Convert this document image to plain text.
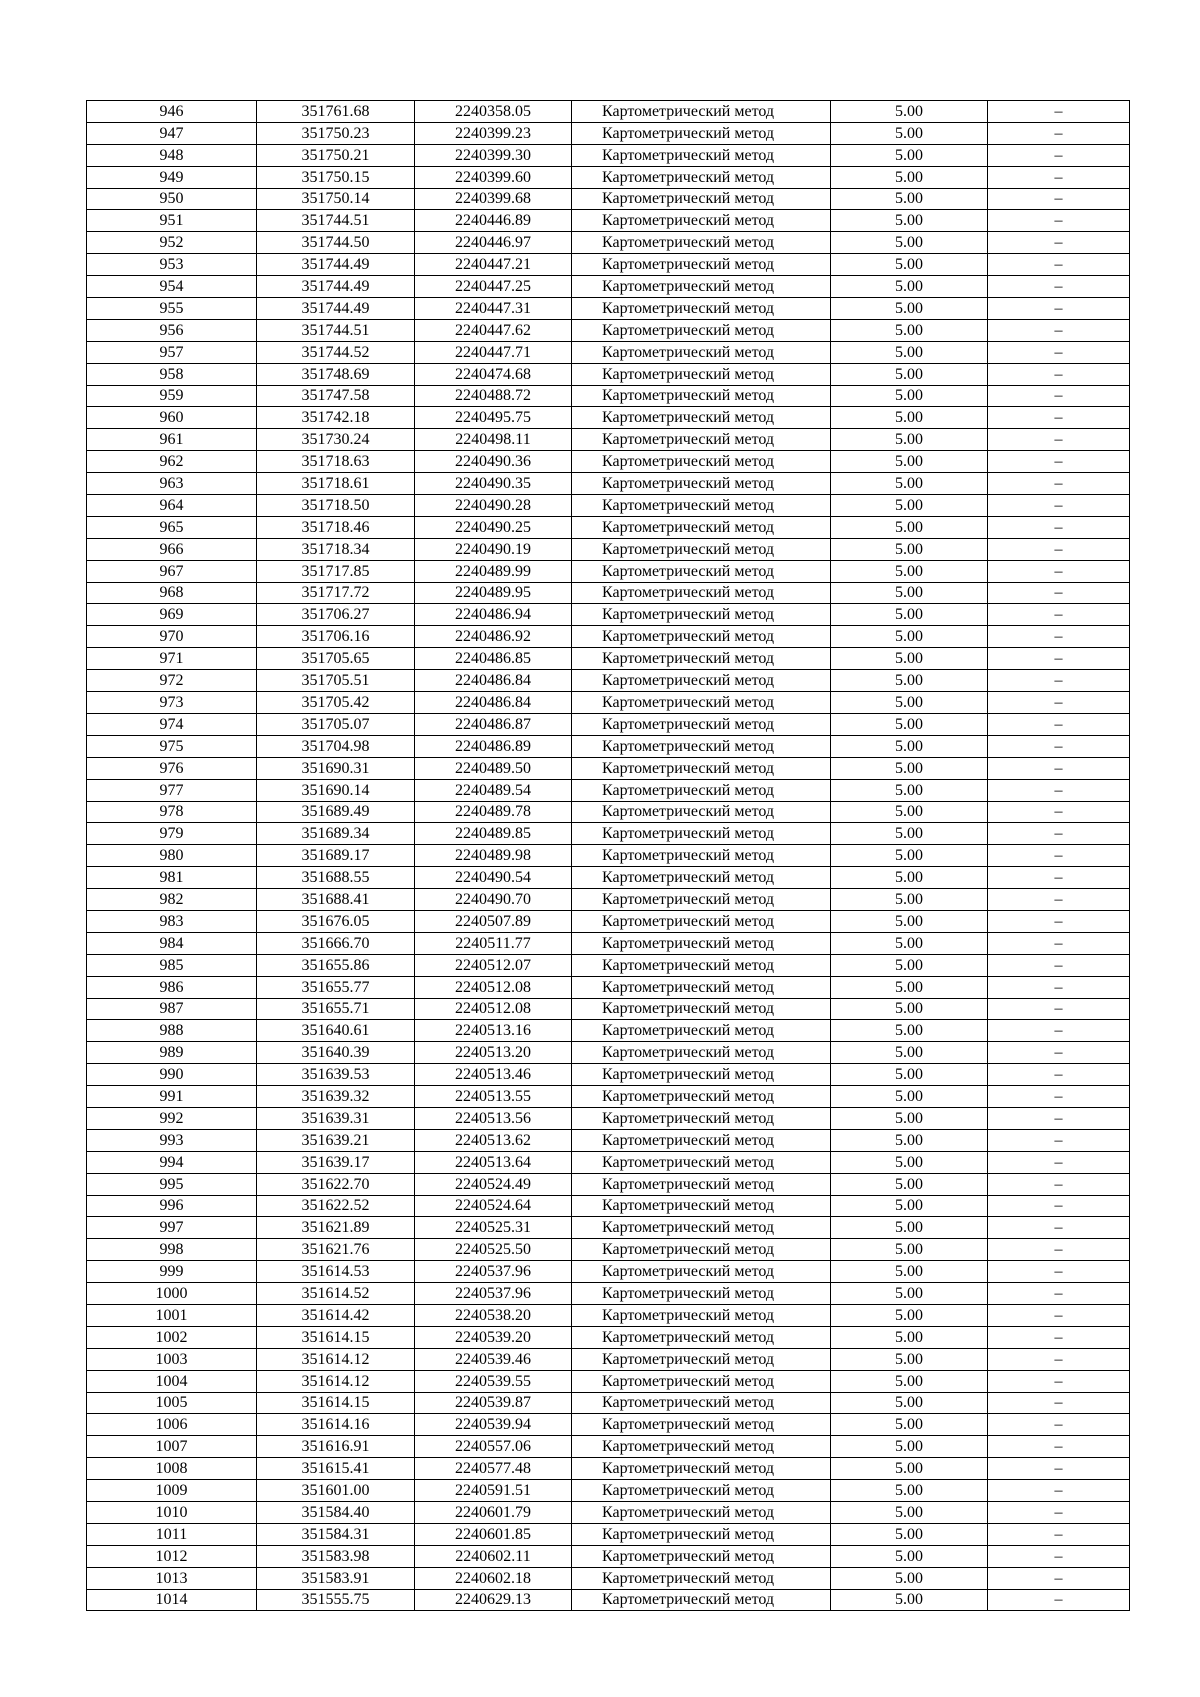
946	351761.68	2240358.05	Картометрический метод	5.00	–
947	351750.23	2240399.23	Картометрический метод	5.00	–
948	351750.21	2240399.30	Картометрический метод	5.00	–
949	351750.15	2240399.60	Картометрический метод	5.00	–
950	351750.14	2240399.68	Картометрический метод	5.00	–
951	351744.51	2240446.89	Картометрический метод	5.00	–
952	351744.50	2240446.97	Картометрический метод	5.00	–
953	351744.49	2240447.21	Картометрический метод	5.00	–
954	351744.49	2240447.25	Картометрический метод	5.00	–
955	351744.49	2240447.31	Картометрический метод	5.00	–
956	351744.51	2240447.62	Картометрический метод	5.00	–
957	351744.52	2240447.71	Картометрический метод	5.00	–
958	351748.69	2240474.68	Картометрический метод	5.00	–
959	351747.58	2240488.72	Картометрический метод	5.00	–
960	351742.18	2240495.75	Картометрический метод	5.00	–
961	351730.24	2240498.11	Картометрический метод	5.00	–
962	351718.63	2240490.36	Картометрический метод	5.00	–
963	351718.61	2240490.35	Картометрический метод	5.00	–
964	351718.50	2240490.28	Картометрический метод	5.00	–
965	351718.46	2240490.25	Картометрический метод	5.00	–
966	351718.34	2240490.19	Картометрический метод	5.00	–
967	351717.85	2240489.99	Картометрический метод	5.00	–
968	351717.72	2240489.95	Картометрический метод	5.00	–
969	351706.27	2240486.94	Картометрический метод	5.00	–
970	351706.16	2240486.92	Картометрический метод	5.00	–
971	351705.65	2240486.85	Картометрический метод	5.00	–
972	351705.51	2240486.84	Картометрический метод	5.00	–
973	351705.42	2240486.84	Картометрический метод	5.00	–
974	351705.07	2240486.87	Картометрический метод	5.00	–
975	351704.98	2240486.89	Картометрический метод	5.00	–
976	351690.31	2240489.50	Картометрический метод	5.00	–
977	351690.14	2240489.54	Картометрический метод	5.00	–
978	351689.49	2240489.78	Картометрический метод	5.00	–
979	351689.34	2240489.85	Картометрический метод	5.00	–
980	351689.17	2240489.98	Картометрический метод	5.00	–
981	351688.55	2240490.54	Картометрический метод	5.00	–
982	351688.41	2240490.70	Картометрический метод	5.00	–
983	351676.05	2240507.89	Картометрический метод	5.00	–
984	351666.70	2240511.77	Картометрический метод	5.00	–
985	351655.86	2240512.07	Картометрический метод	5.00	–
986	351655.77	2240512.08	Картометрический метод	5.00	–
987	351655.71	2240512.08	Картометрический метод	5.00	–
988	351640.61	2240513.16	Картометрический метод	5.00	–
989	351640.39	2240513.20	Картометрический метод	5.00	–
990	351639.53	2240513.46	Картометрический метод	5.00	–
991	351639.32	2240513.55	Картометрический метод	5.00	–
992	351639.31	2240513.56	Картометрический метод	5.00	–
993	351639.21	2240513.62	Картометрический метод	5.00	–
994	351639.17	2240513.64	Картометрический метод	5.00	–
995	351622.70	2240524.49	Картометрический метод	5.00	–
996	351622.52	2240524.64	Картометрический метод	5.00	–
997	351621.89	2240525.31	Картометрический метод	5.00	–
998	351621.76	2240525.50	Картометрический метод	5.00	–
999	351614.53	2240537.96	Картометрический метод	5.00	–
1000	351614.52	2240537.96	Картометрический метод	5.00	–
1001	351614.42	2240538.20	Картометрический метод	5.00	–
1002	351614.15	2240539.20	Картометрический метод	5.00	–
1003	351614.12	2240539.46	Картометрический метод	5.00	–
1004	351614.12	2240539.55	Картометрический метод	5.00	–
1005	351614.15	2240539.87	Картометрический метод	5.00	–
1006	351614.16	2240539.94	Картометрический метод	5.00	–
1007	351616.91	2240557.06	Картометрический метод	5.00	–
1008	351615.41	2240577.48	Картометрический метод	5.00	–
1009	351601.00	2240591.51	Картометрический метод	5.00	–
1010	351584.40	2240601.79	Картометрический метод	5.00	–
1011	351584.31	2240601.85	Картометрический метод	5.00	–
1012	351583.98	2240602.11	Картометрический метод	5.00	–
1013	351583.91	2240602.18	Картометрический метод	5.00	–
1014	351555.75	2240629.13	Картометрический метод	5.00	–
